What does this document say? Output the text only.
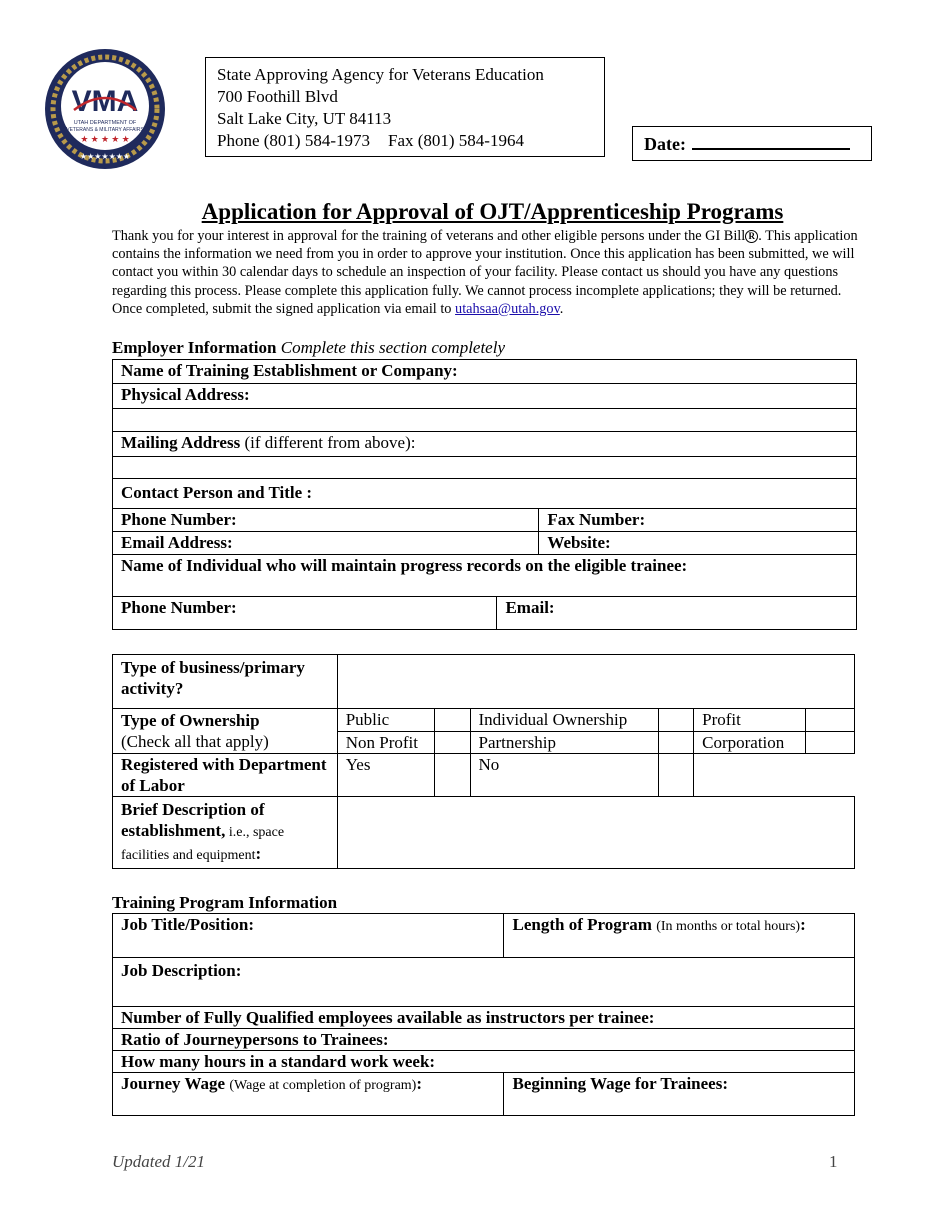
VMA
UTAH DEPARTMENT OF
VETERANS & MILITARY AFFAIRS
★ ★ ★ ★ ★
★★★★★★★
State Approving Agency for Veterans Education
700 Foothill Blvd
Salt Lake City, UT 84113
Phone (801) 584-1973 Fax (801) 584-1964	Date:
Application for Approval of OJT/Apprenticeship Programs
Thank you for your interest in approval for the training of veterans and other eligible persons under the GI Bill R . This application contains the information we need from you in order to approve your institution. Once this application has been submitted, we will contact you within 30 calendar days to schedule an inspection of your facility. Please contact us should you have any questions regarding this process. Please complete this application fully. We cannot process incomplete applications; they will be returned. Once completed, submit the signed application via email to utahsaa@utah.gov.
Employer Information Complete this section completely
Name of Training Establishment or Company:		
Physical Address:		

Mailing Address (if different from above):		

Contact Person and Title :		
Phone Number:		Fax Number:
Email Address:		Website:
Name of Individual who will maintain progress records on the eligible trainee:		
Phone Number:	Email:	
Type of business/primary activity?						

Type of Ownership
(Check all that apply)	Public		Individual Ownership		Profit	
	Non Profit		Partnership		Corporation	
Registered with Department of Labor	Yes		No			
Brief Description of establishment, i.e., space facilities and equipment:						
Training Program Information
Job Title/Position:	Length of Program (In months or total hours):
Job Description:	
Number of Fully Qualified employees available as instructors per trainee:	
Ratio of Journeypersons to Trainees:	
How many hours in a standard work week:	
Journey Wage (Wage at completion of program):	Beginning Wage for Trainees:
Updated 1/21	1
